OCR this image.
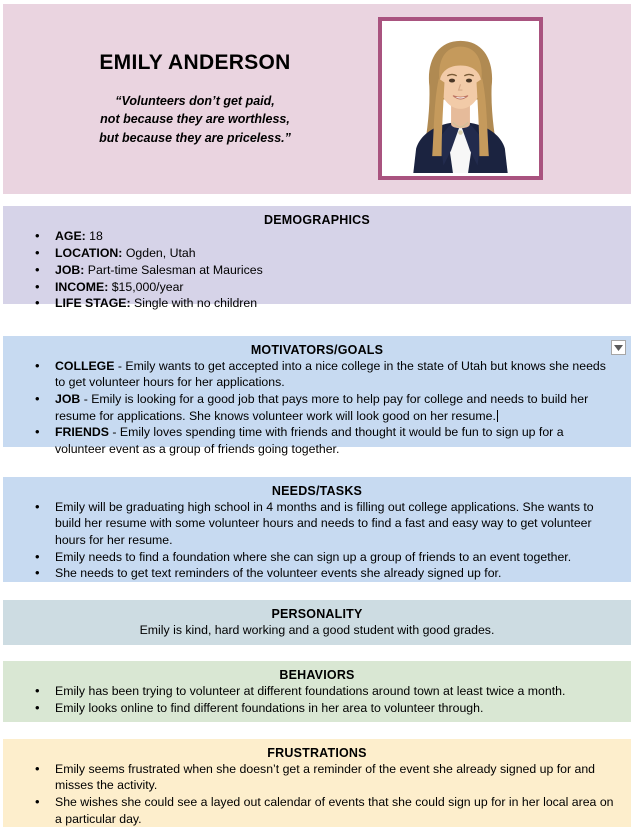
EMILY ANDERSON
“Volunteers don’t get paid,
not because they are worthless,
but because they are priceless.”
DEMOGRAPHICS
• AGE: 18
• LOCATION: Ogden, Utah
• JOB: Part-time Salesman at Maurices
• INCOME: $15,000/year
• LIFE STAGE: Single with no children
MOTIVATORS/GOALS
• COLLEGE - Emily wants to get accepted into a nice college in the state of Utah but knows she needs to get volunteer hours for her applications.
• JOB - Emily is looking for a good job that pays more to help pay for college and needs to build her resume for applications. She knows volunteer work will look good on her resume.
• FRIENDS - Emily loves spending time with friends and thought it would be fun to sign up for a volunteer event as a group of friends going together.
NEEDS/TASKS
• Emily will be graduating high school in 4 months and is filling out college applications. She wants to build her resume with some volunteer hours and needs to find a fast and easy way to get volunteer hours for her resume.
• Emily needs to find a foundation where she can sign up a group of friends to an event together.
• She needs to get text reminders of the volunteer events she already signed up for.
PERSONALITY
Emily is kind, hard working and a good student with good grades.
BEHAVIORS
• Emily has been trying to volunteer at different foundations around town at least twice a month.
• Emily looks online to find different foundations in her area to volunteer through.
FRUSTRATIONS
• Emily seems frustrated when she doesn’t get a reminder of the event she already signed up for and misses the activity.
• She wishes she could see a layed out calendar of events that she could sign up for in her local area on a particular day.
